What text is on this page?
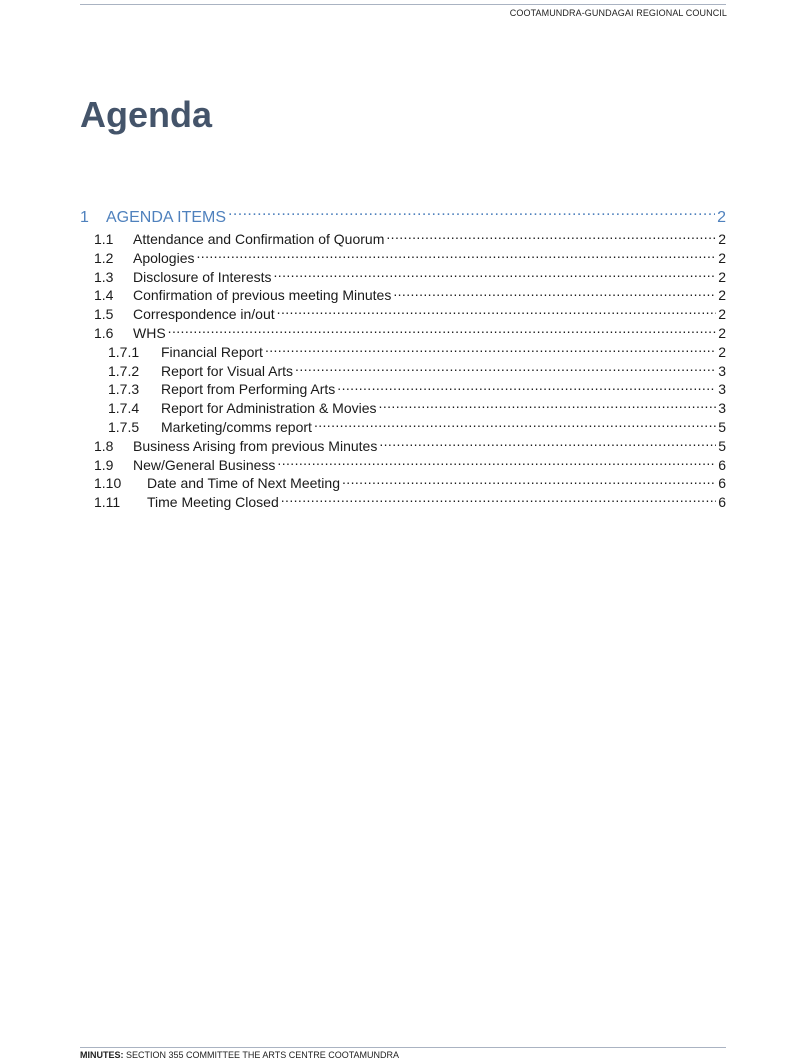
COOTAMUNDRA-GUNDAGAI REGIONAL COUNCIL
Agenda
1	AGENDA ITEMS .....	2
1.1	Attendance and Confirmation of Quorum .....	2
1.2	Apologies .....	2
1.3	Disclosure of Interests .....	2
1.4	Confirmation of previous meeting Minutes .....	2
1.5	Correspondence in/out .....	2
1.6	WHS .....	2
1.7.1	Financial Report .....	2
1.7.2	Report for Visual Arts .....	3
1.7.3	Report from Performing Arts .....	3
1.7.4	Report for Administration & Movies .....	3
1.7.5	Marketing/comms report .....	5
1.8	Business Arising from previous Minutes .....	5
1.9	New/General Business .....	6
1.10	Date and Time of Next Meeting .....	6
1.11	Time Meeting Closed .....	6
MINUTES: SECTION 355 COMMITTEE THE ARTS CENTRE COOTAMUNDRA
